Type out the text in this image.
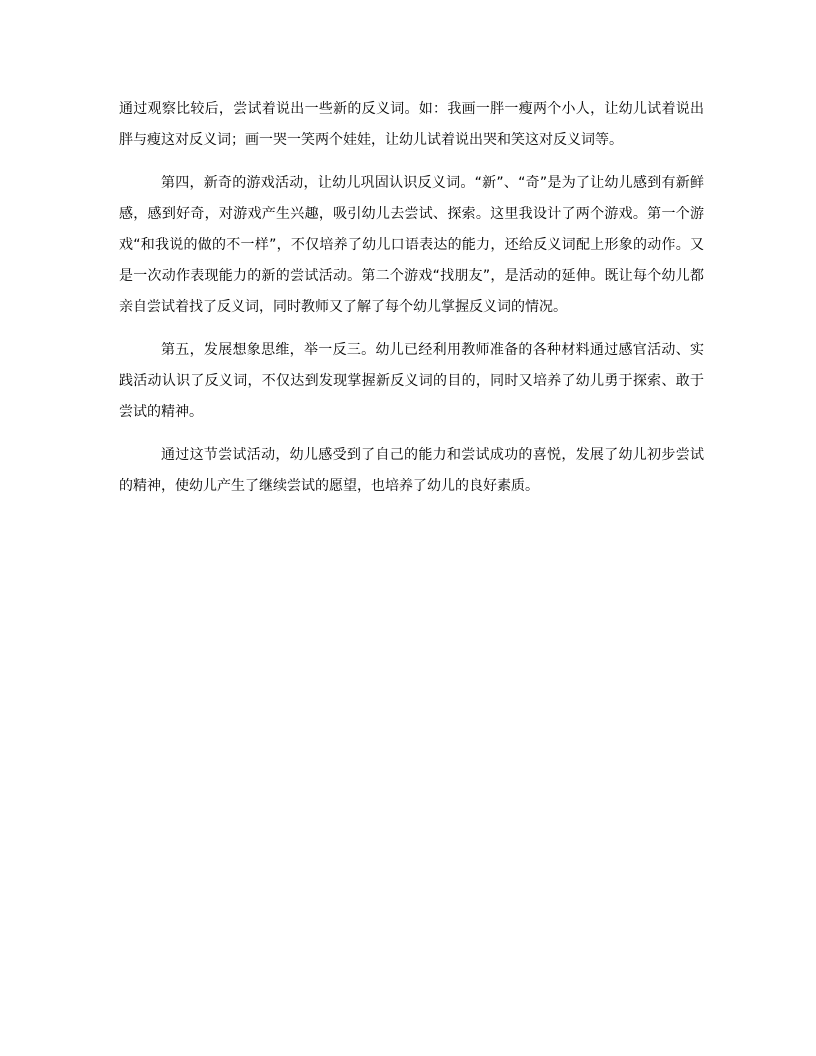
通过观察比较后，尝试着说出一些新的反义词。如：我画一胖一瘦两个小人，让幼儿试着说出胖与瘦这对反义词；画一哭一笑两个娃娃，让幼儿试着说出哭和笑这对反义词等。

第四，新奇的游戏活动，让幼儿巩固认识反义词。“新”、“奇”是为了让幼儿感到有新鲜感，感到好奇，对游戏产生兴趣，吸引幼儿去尝试、探索。这里我设计了两个游戏。第一个游戏“和我说的做的不一样”，不仅培养了幼儿口语表达的能力，还给反义词配上形象的动作。又是一次动作表现能力的新的尝试活动。第二个游戏“找朋友”，是活动的延伸。既让每个幼儿都亲自尝试着找了反义词，同时教师又了解了每个幼儿掌握反义词的情况。

第五，发展想象思维，举一反三。幼儿已经利用教师准备的各种材料通过感官活动、实践活动认识了反义词，不仅达到发现掌握新反义词的目的，同时又培养了幼儿勇于探索、敢于尝试的精神。

通过这节尝试活动，幼儿感受到了自己的能力和尝试成功的喜悦，发展了幼儿初步尝试的精神，使幼儿产生了继续尝试的愿望，也培养了幼儿的良好素质。
